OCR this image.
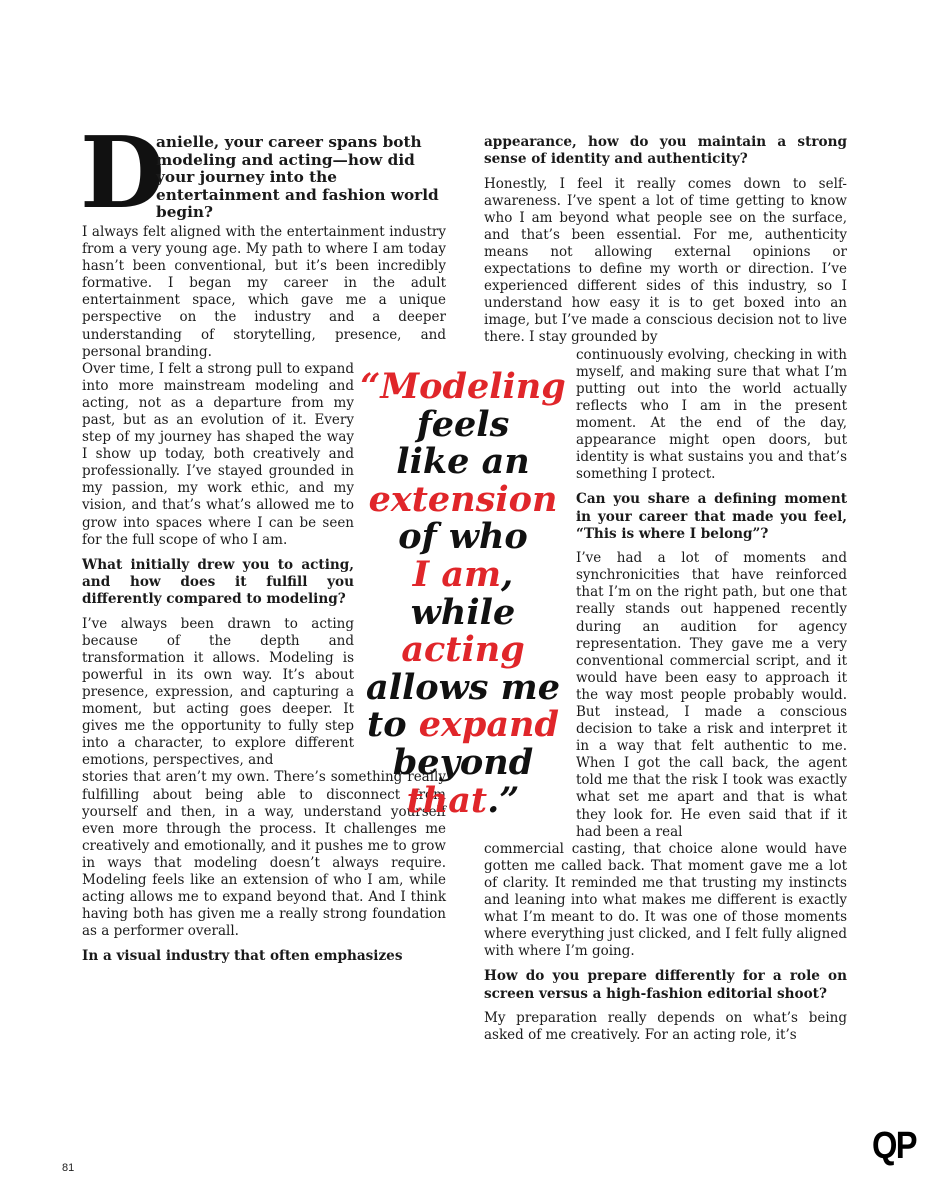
D
anielle, your career spans both modeling and acting—how did your journey into the entertainment and fashion world begin?

I always felt aligned with the entertainment industry from a very young age. My path to where I am today hasn’t been conventional, but it’s been incredibly formative. I began my career in the adult entertainment space, which gave me a unique perspective on the industry and a deeper understanding of storytelling, presence, and personal branding.

Over time, I felt a strong pull to expand into more mainstream modeling and acting, not as a departure from my past, but as an evolution of it. Every step of my journey has shaped the way I show up today, both creatively and professionally. I’ve stayed grounded in my passion, my work ethic, and my vision, and that’s what’s allowed me to grow into spaces where I can be seen for the full scope of who I am.

What initially drew you to acting, and how does it fulfill you differently compared to modeling?

I’ve always been drawn to acting because of the depth and transformation it allows. Modeling is powerful in its own way. It’s about presence, expression, and capturing a moment, but acting goes deeper. It gives me the opportunity to fully step into a character, to explore different emotions, perspectives, and

stories that aren’t my own. There’s something really fulfilling about being able to disconnect from yourself and then, in a way, understand yourself even more through the process. It challenges me creatively and emotionally, and it pushes me to grow in ways that modeling doesn’t always require. Modeling feels like an extension of who I am, while acting allows me to expand beyond that. And I think having both has given me a really strong foundation as a performer overall.

In a visual industry that often emphasizes
appearance, how do you maintain a strong sense of identity and authenticity?

Honestly, I feel it really comes down to self-awareness. I’ve spent a lot of time getting to know who I am beyond what people see on the surface, and that’s been essential. For me, authenticity means not allowing external opinions or expectations to define my worth or direction. I’ve experienced different sides of this industry, so I understand how easy it is to get boxed into an image, but I’ve made a conscious decision not to live there. I stay grounded by

continuously evolving, checking in with myself, and making sure that what I’m putting out into the world actually reflects who I am in the present moment. At the end of the day, appearance might open doors, but identity is what sustains you and that’s something I protect.

Can you share a defining moment in your career that made you feel, “This is where I belong”?

I’ve had a lot of moments and synchronicities that have reinforced that I’m on the right path, but one that really stands out happened recently during an audition for agency representation. They gave me a very conventional commercial script, and it would have been easy to approach it the way most people probably would. But instead, I made a conscious decision to take a risk and interpret it in a way that felt authentic to me. When I got the call back, the agent told me that the risk I took was exactly what set me apart and that is what they look for. He even said that if it had been a real

commercial casting, that choice alone would have gotten me called back. That moment gave me a lot of clarity. It reminded me that trusting my instincts and leaning into what makes me different is exactly what I’m meant to do. It was one of those moments where everything just clicked, and I felt fully aligned with where I’m going.

How do you prepare differently for a role on screen versus a high-fashion editorial shoot?

My preparation really depends on what’s being asked of me creatively. For an acting role, it’s

“Modeling
feels
like an
extension
of who
I am,
while
acting
allows me
to expand
beyond
that.”
81
QP
